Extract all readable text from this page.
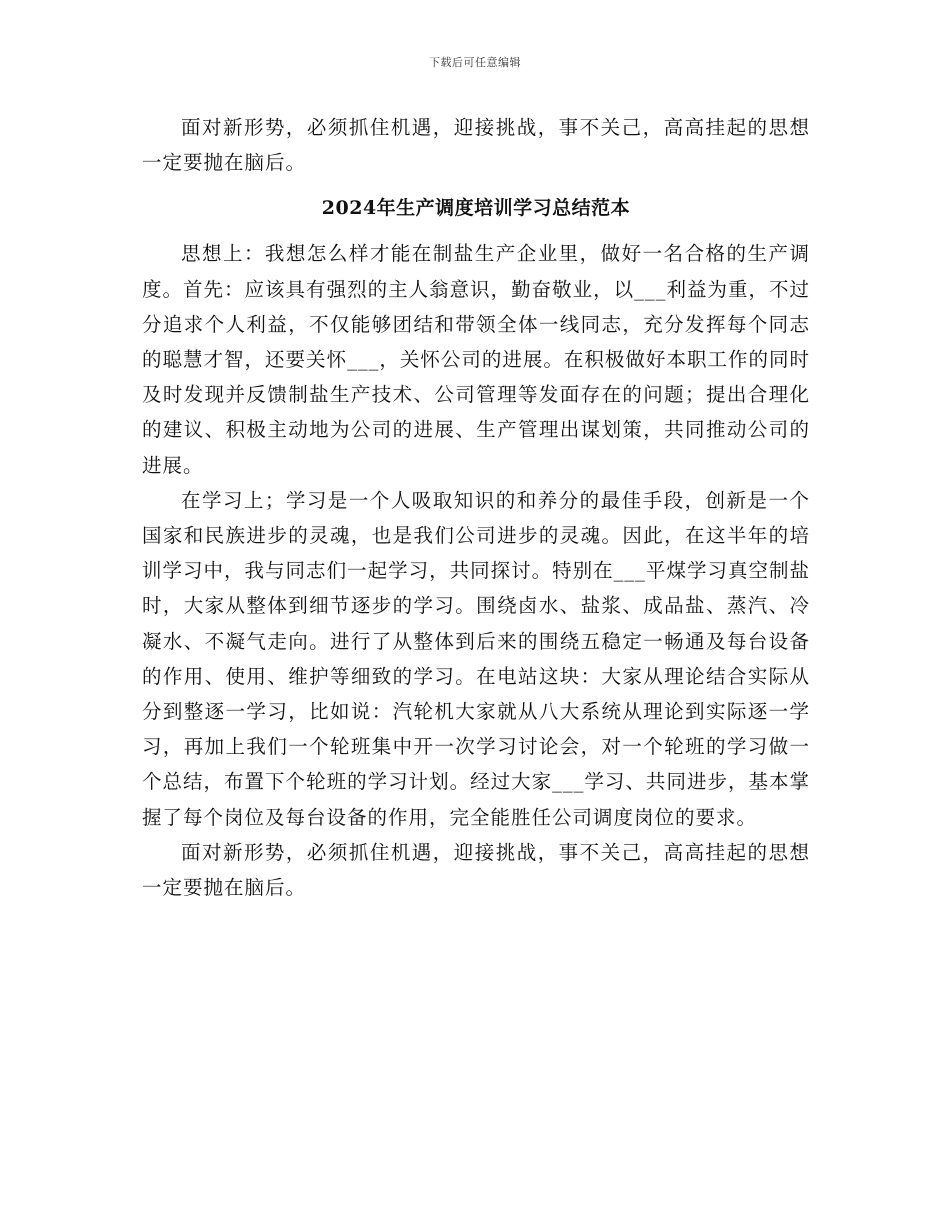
下载后可任意编辑

面对新形势，必须抓住机遇，迎接挑战，事不关己，高高挂起的思想一定要抛在脑后。

2024年生产调度培训学习总结范本

思想上：我想怎么样才能在制盐生产企业里，做好一名合格的生产调度。首先：应该具有强烈的主人翁意识，勤奋敬业，以___利益为重，不过分追求个人利益，不仅能够团结和带领全体一线同志，充分发挥每个同志的聪慧才智，还要关怀___，关怀公司的进展。在积极做好本职工作的同时及时发现并反馈制盐生产技术、公司管理等发面存在的问题；提出合理化的建议、积极主动地为公司的进展、生产管理出谋划策，共同推动公司的进展。

在学习上；学习是一个人吸取知识的和养分的最佳手段，创新是一个国家和民族进步的灵魂，也是我们公司进步的灵魂。因此，在这半年的培训学习中，我与同志们一起学习，共同探讨。特别在___平煤学习真空制盐时，大家从整体到细节逐步的学习。围绕卤水、盐浆、成品盐、蒸汽、冷凝水、不凝气走向。进行了从整体到后来的围绕五稳定一畅通及每台设备的作用、使用、维护等细致的学习。在电站这块：大家从理论结合实际从分到整逐一学习，比如说：汽轮机大家就从八大系统从理论到实际逐一学习，再加上我们一个轮班集中开一次学习讨论会，对一个轮班的学习做一个总结，布置下个轮班的学习计划。经过大家___学习、共同进步，基本掌握了每个岗位及每台设备的作用，完全能胜任公司调度岗位的要求。

面对新形势，必须抓住机遇，迎接挑战，事不关己，高高挂起的思想一定要抛在脑后。
